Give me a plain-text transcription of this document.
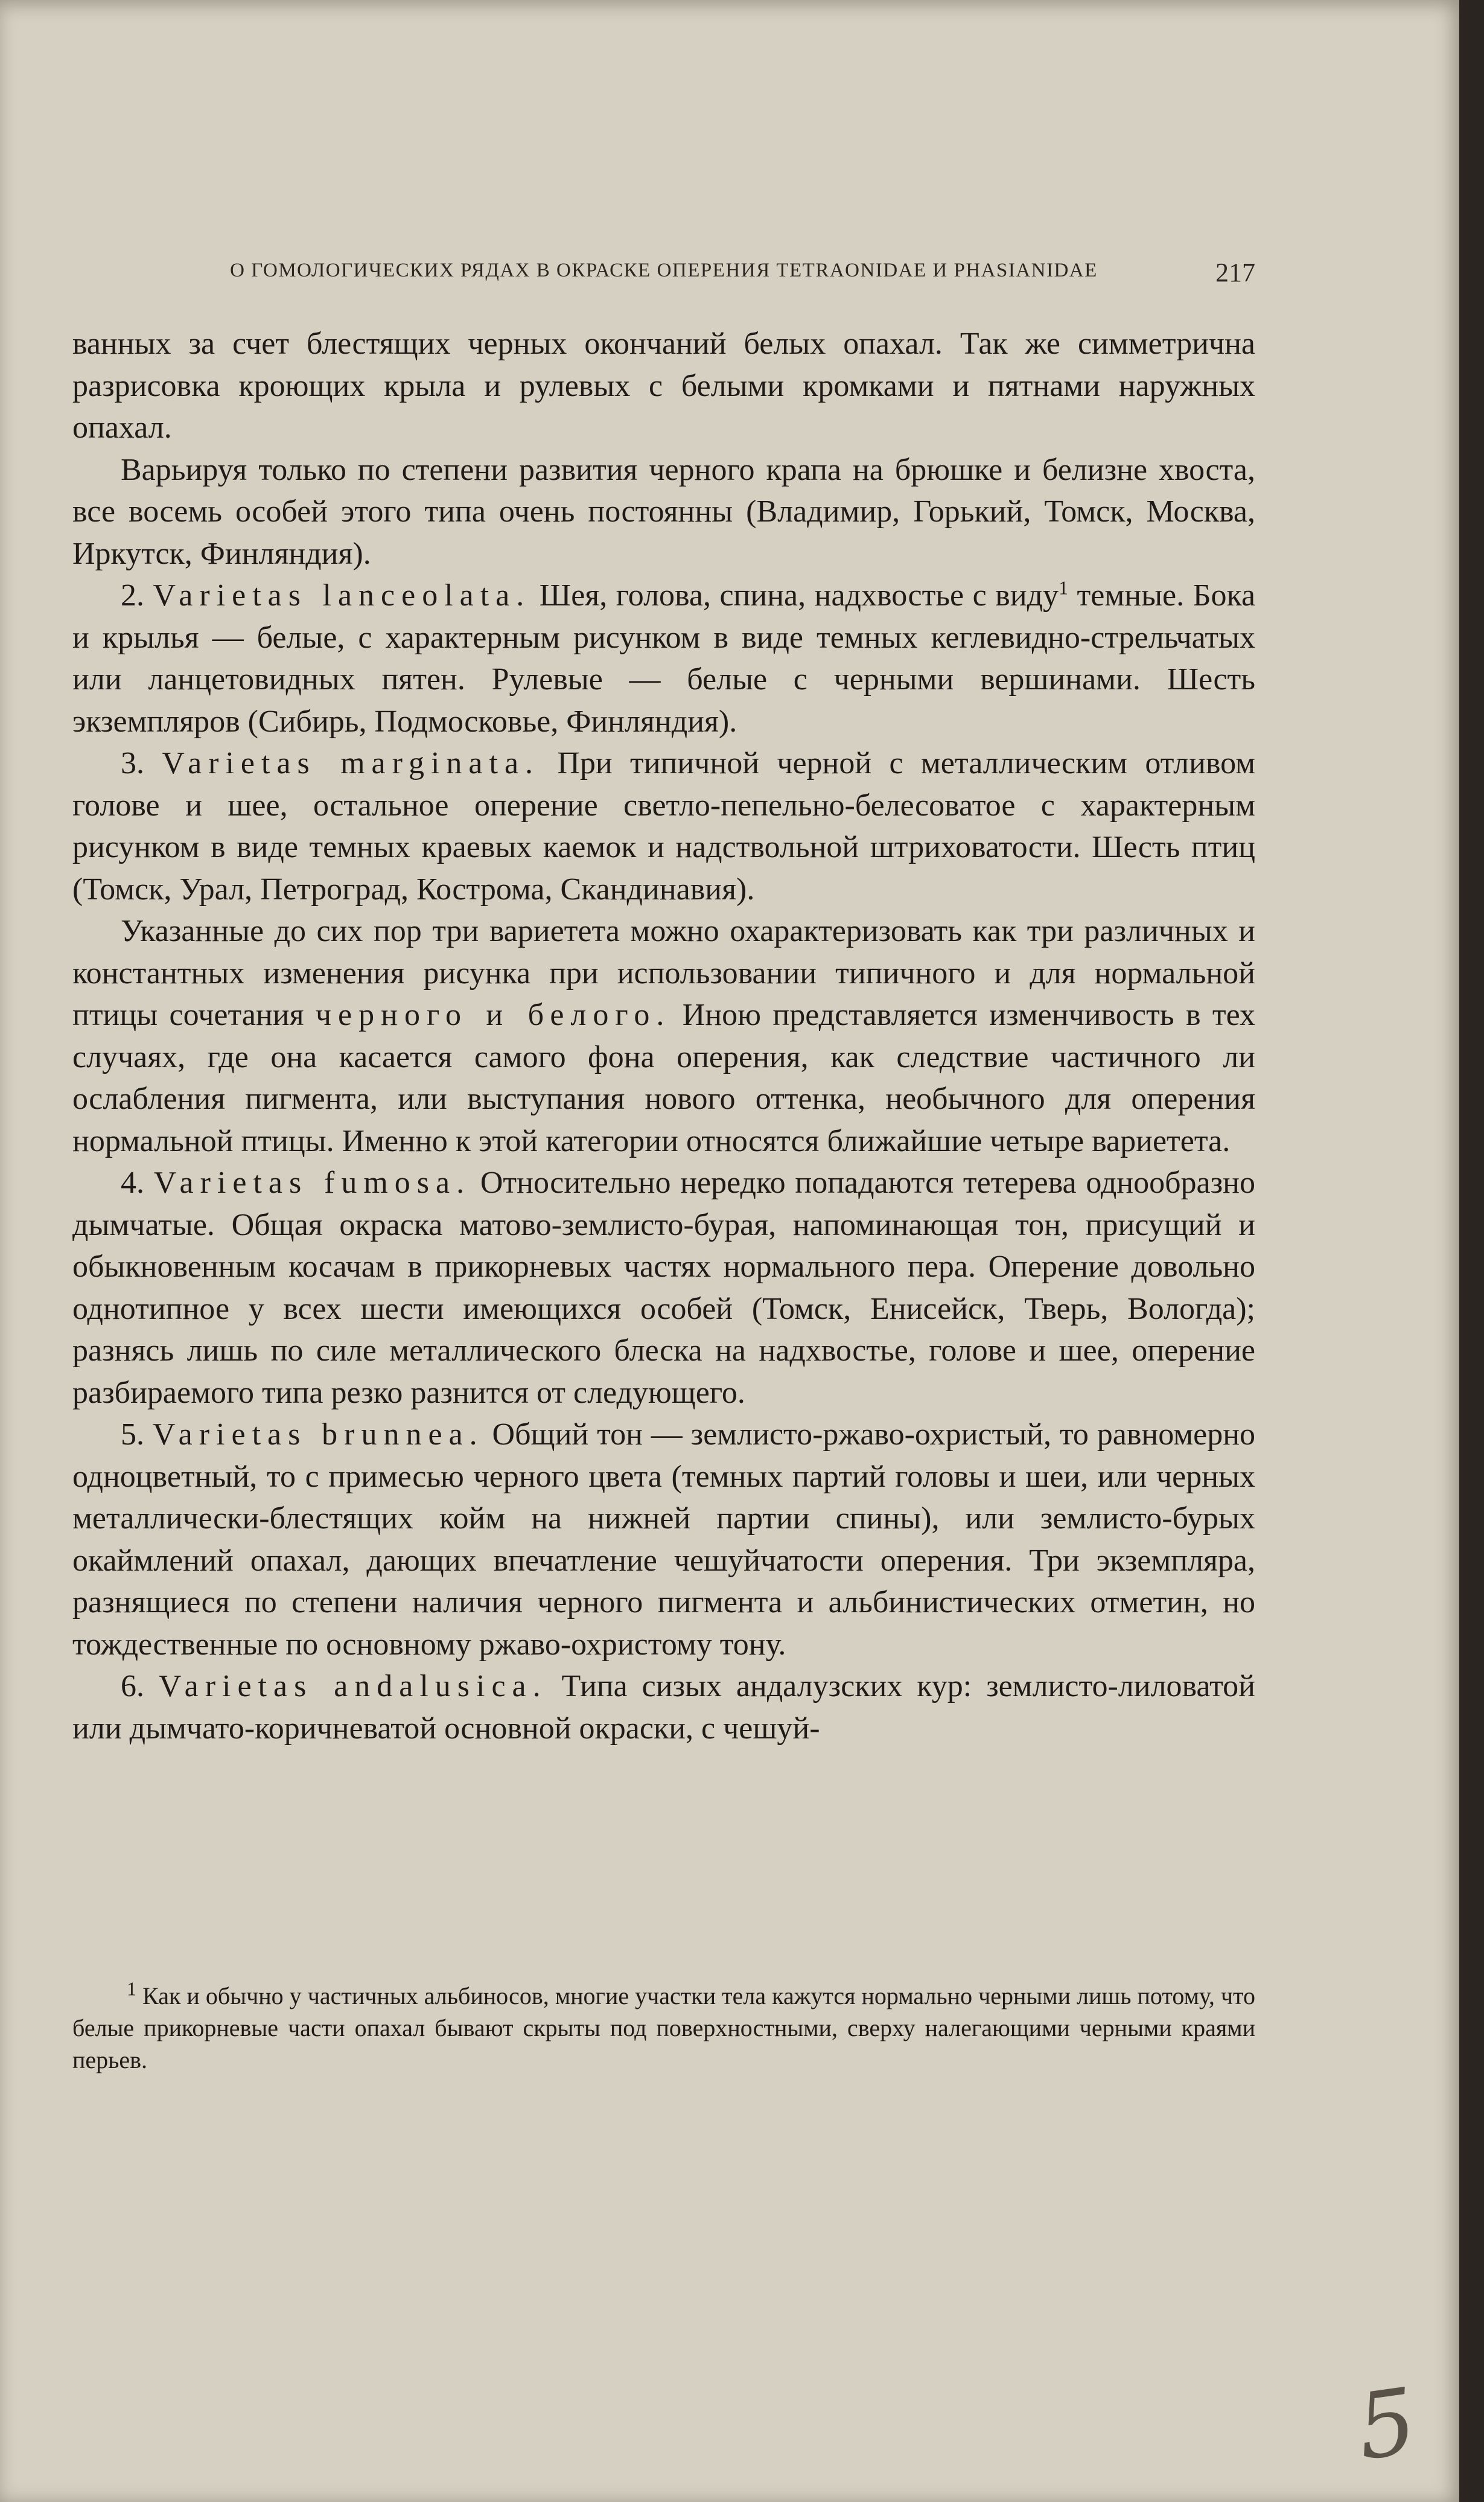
О ГОМОЛОГИЧЕСКИХ РЯДАХ В ОКРАСКЕ ОПЕРЕНИЯ TETRAONIDAE И PHASIANIDAE	217

ванных за счет блестящих черных окончаний белых опахал. Так же симметрична разрисовка кроющих крыла и рулевых с белыми кромками и пятнами наружных опахал.

Варьируя только по степени развития черного крапа на брюшке и белизне хвоста, все восемь особей этого типа очень постоянны (Владимир, Горький, Томск, Москва, Иркутск, Финляндия).

2. Varietas lanceolata. Шея, голова, спина, надхвостье с виду$^1$ темные. Бока и крылья — белые, с характерным рисунком в виде темных кеглевидно-стрельчатых или ланцетовидных пятен. Рулевые — белые с черными вершинами. Шесть экземпляров (Сибирь, Подмосковье, Финляндия).

3. Varietas marginata. При типичной черной с металлическим отливом голове и шее, остальное оперение светло-пепельно-белесоватое с характерным рисунком в виде темных краевых каемок и надствольной штриховатости. Шесть птиц (Томск, Урал, Петроград, Кострома, Скандинавия).

Указанные до сих пор три вариетета можно охарактеризовать как три различных и константных изменения рисунка при использовании типичного и для нормальной птицы сочетания черного и белого. Иною представляется изменчивость в тех случаях, где она касается самого фона оперения, как следствие частичного ли ослабления пигмента, или выступания нового оттенка, необычного для оперения нормальной птицы. Именно к этой категории относятся ближайшие четыре вариетета.

4. Varietas fumosa. Относительно нередко попадаются тетерева однообразно дымчатые. Общая окраска матово-землисто-бурая, напоминающая тон, присущий и обыкновенным косачам в прикорневых частях нормального пера. Оперение довольно однотипное у всех шести имеющихся особей (Томск, Енисейск, Тверь, Вологда); разнясь лишь по силе металлического блеска на надхвостье, голове и шее, оперение разбираемого типа резко разнится от следующего.

5. Varietas brunnea. Общий тон — землисто-ржаво-охристый, то равномерно одноцветный, то с примесью черного цвета (темных партий головы и шеи, или черных металлически-блестящих койм на нижней партии спины), или землисто-бурых окаймлений опахал, дающих впечатление чешуйчатости оперения. Три экземпляра, разнящиеся по степени наличия черного пигмента и альбинистических отметин, но тождественные по основному ржаво-охристому тону.

6. Varietas andalusica. Типа сизых андалузских кур: землисто-лиловатой или дымчато-коричневатой основной окраски, с чешуй-

$^1$ Как и обычно у частичных альбиносов, многие участки тела кажутся нормально черными лишь потому, что белые прикорневые части опахал бывают скрыты под поверхностными, сверху налегающими черными краями перьев.
5
